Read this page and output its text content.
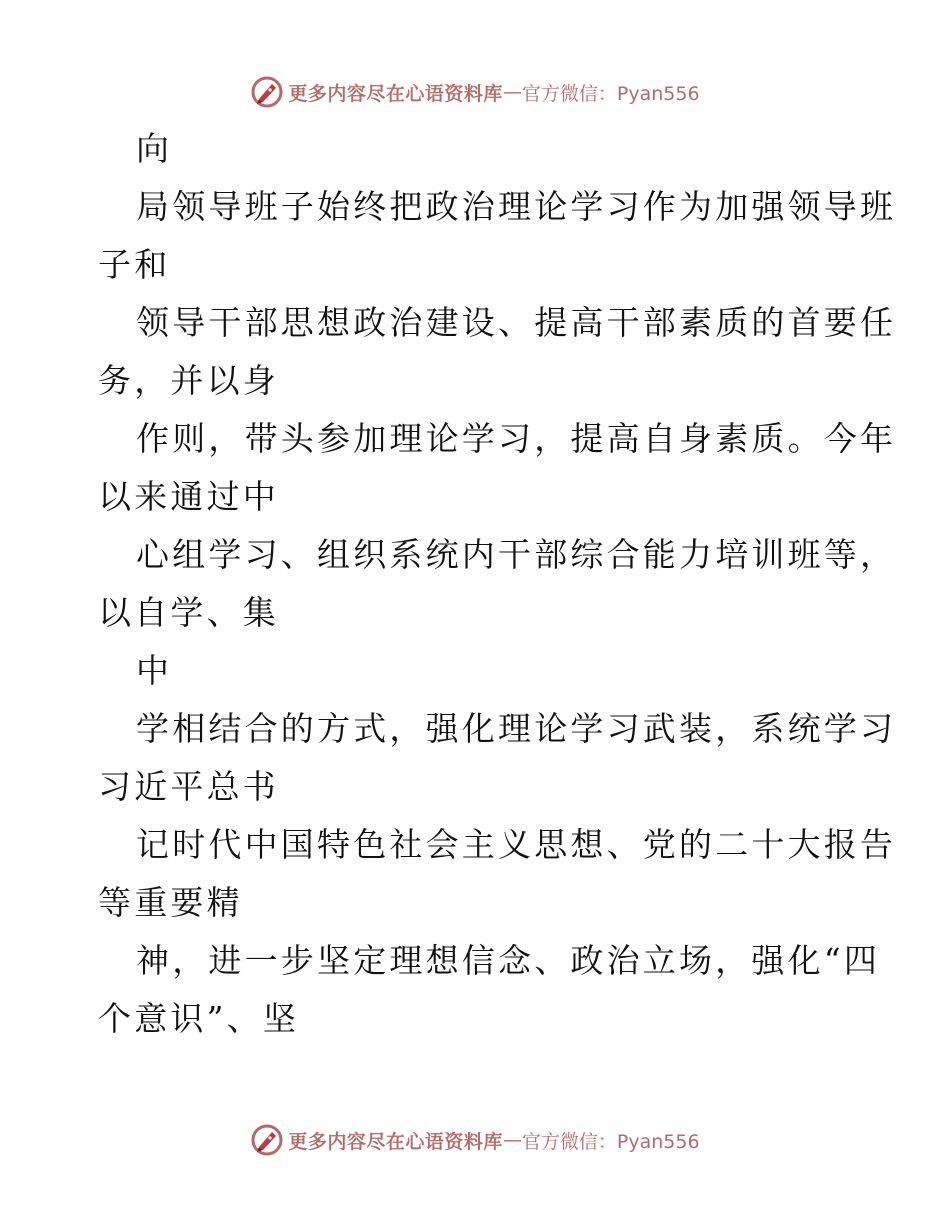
更多内容尽在心语资料库 — 官方微信：Pyan556
向
局领导班子始终把政治理论学习作为加强领导班
子和
领导干部思想政治建设、提高干部素质的首要任
务，并以身
作则，带头参加理论学习，提高自身素质。今年
以来通过中
心组学习、组织系统内干部综合能力培训班等，
以自学、集
中
学相结合的方式，强化理论学习武装，系统学习
习近平总书
记时代中国特色社会主义思想、党的二十大报告
等重要精
神，进一步坚定理想信念、政治立场，强化“四
个意识”、坚
更多内容尽在心语资料库 — 官方微信：Pyan556
